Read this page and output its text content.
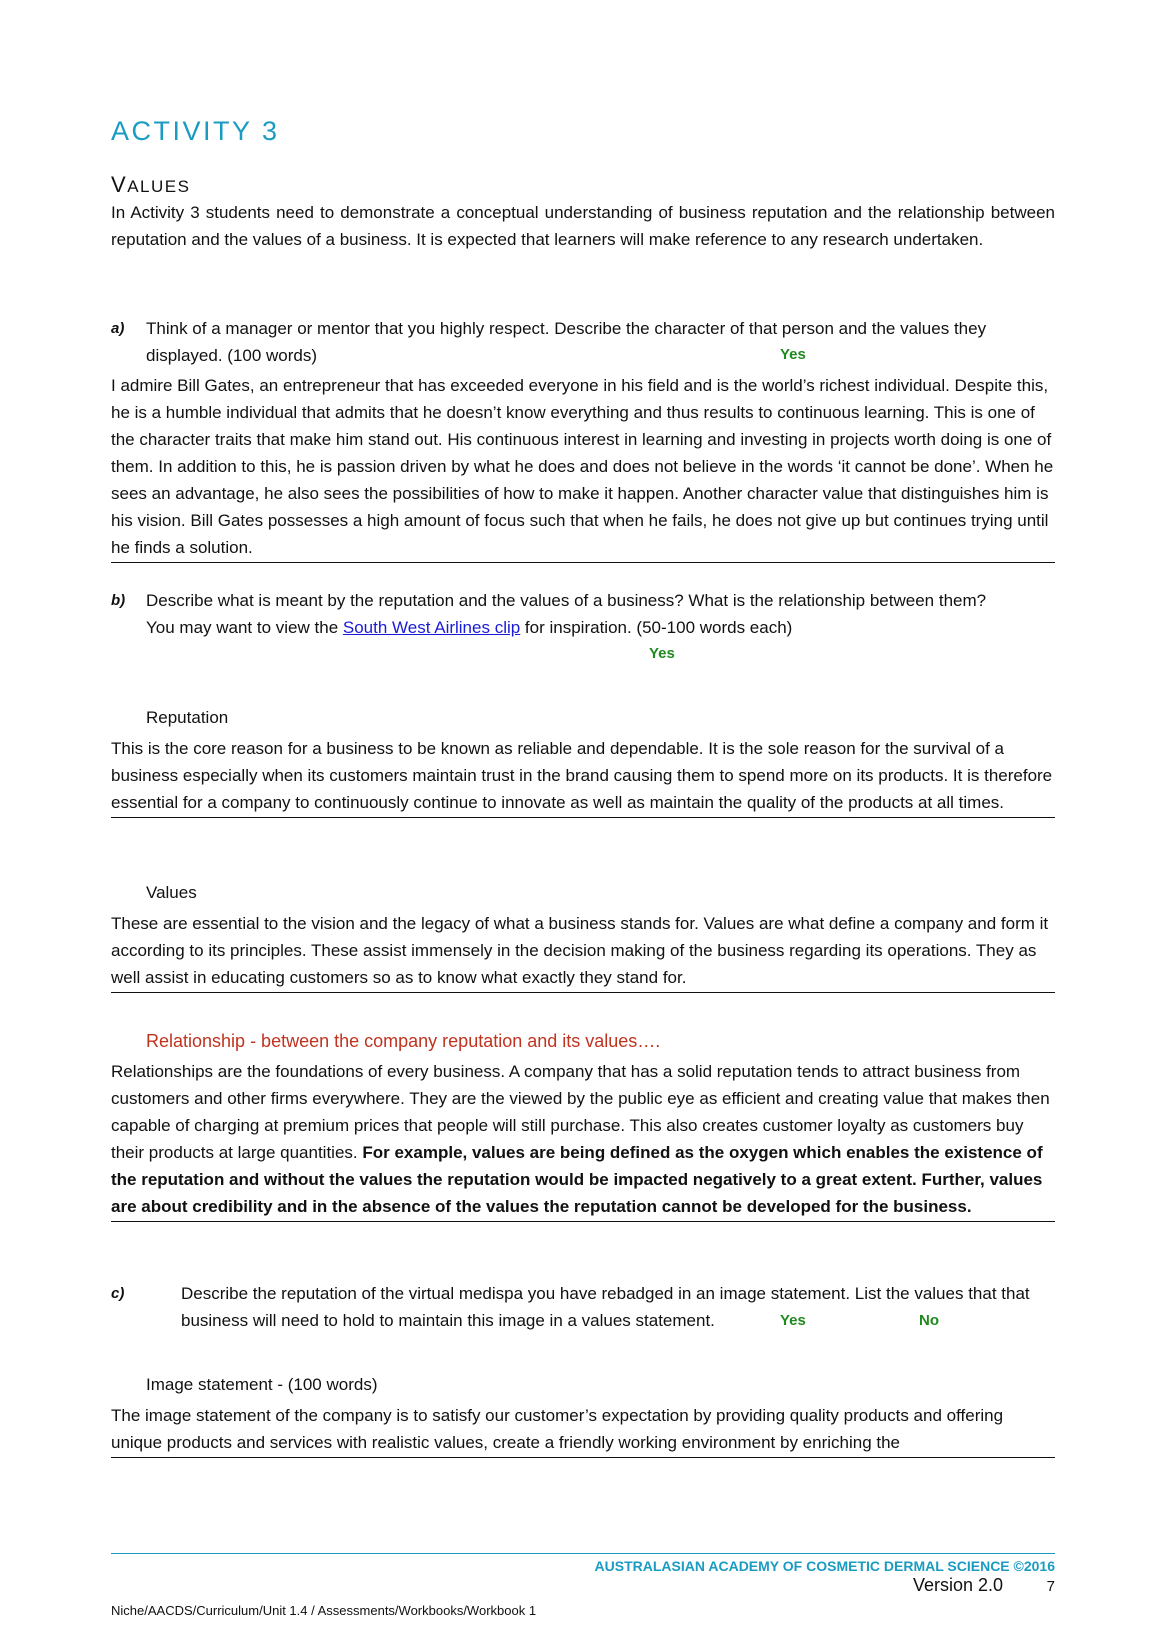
ACTIVITY 3
VALUES
In Activity 3 students need to demonstrate a conceptual understanding of business reputation and the relationship between reputation and the values of a business. It is expected that learners will make reference to any research undertaken.
a) Think of a manager or mentor that you highly respect. Describe the character of that person and the values they displayed. (100 words)	Yes
I admire Bill Gates, an entrepreneur that has exceeded everyone in his field and is the world’s richest individual. Despite this, he is a humble individual that admits that he doesn’t know everything and thus results to continuous learning. This is one of the character traits that make him stand out. His continuous interest in learning and investing in projects worth doing is one of them. In addition to this, he is passion driven by what he does and does not believe in the words ‘it cannot be done’. When he sees an advantage, he also sees the possibilities of how to make it happen. Another character value that distinguishes him is his vision. Bill Gates possesses a high amount of focus such that when he fails, he does not give up but continues trying until he finds a solution.
b) Describe what is meant by the reputation and the values of a business? What is the relationship between them?
You may want to view the South West Airlines clip for inspiration. (50-100 words each)
Yes
Reputation
This is the core reason for a business to be known as reliable and dependable. It is the sole reason for the survival of a business especially when its customers maintain trust in the brand causing them to spend more on its products. It is therefore essential for a company to continuously continue to innovate as well as maintain the quality of the products at all times.
Values
These are essential to the vision and the legacy of what a business stands for. Values are what define a company and form it according to its principles. These assist immensely in the decision making of the business regarding its operations. They as well assist in educating customers so as to know what exactly they stand for.
Relationship - between the company reputation and its values….
Relationships are the foundations of every business. A company that has a solid reputation tends to attract business from customers and other firms everywhere. They are the viewed by the public eye as efficient and creating value that makes then capable of charging at premium prices that people will still purchase. This also creates customer loyalty as customers buy their products at large quantities. For example, values are being defined as the oxygen which enables the existence of the reputation and without the values the reputation would be impacted negatively to a great extent. Further, values are about credibility and in the absence of the values the reputation cannot be developed for the business.
c)	Describe the reputation of the virtual medispa you have rebadged in an image statement. List the values that that business will need to hold to maintain this image in a values statement.	Yes	No
Image statement - (100 words)
The image statement of the company is to satisfy our customer’s expectation by providing quality products and offering unique products and services with realistic values, create a friendly working environment by enriching the
AUSTRALASIAN ACADEMY OF COSMETIC DERMAL SCIENCE ©2016
Version 2.0	7
Niche/AACDS/Curriculum/Unit 1.4 / Assessments/Workbooks/Workbook 1
